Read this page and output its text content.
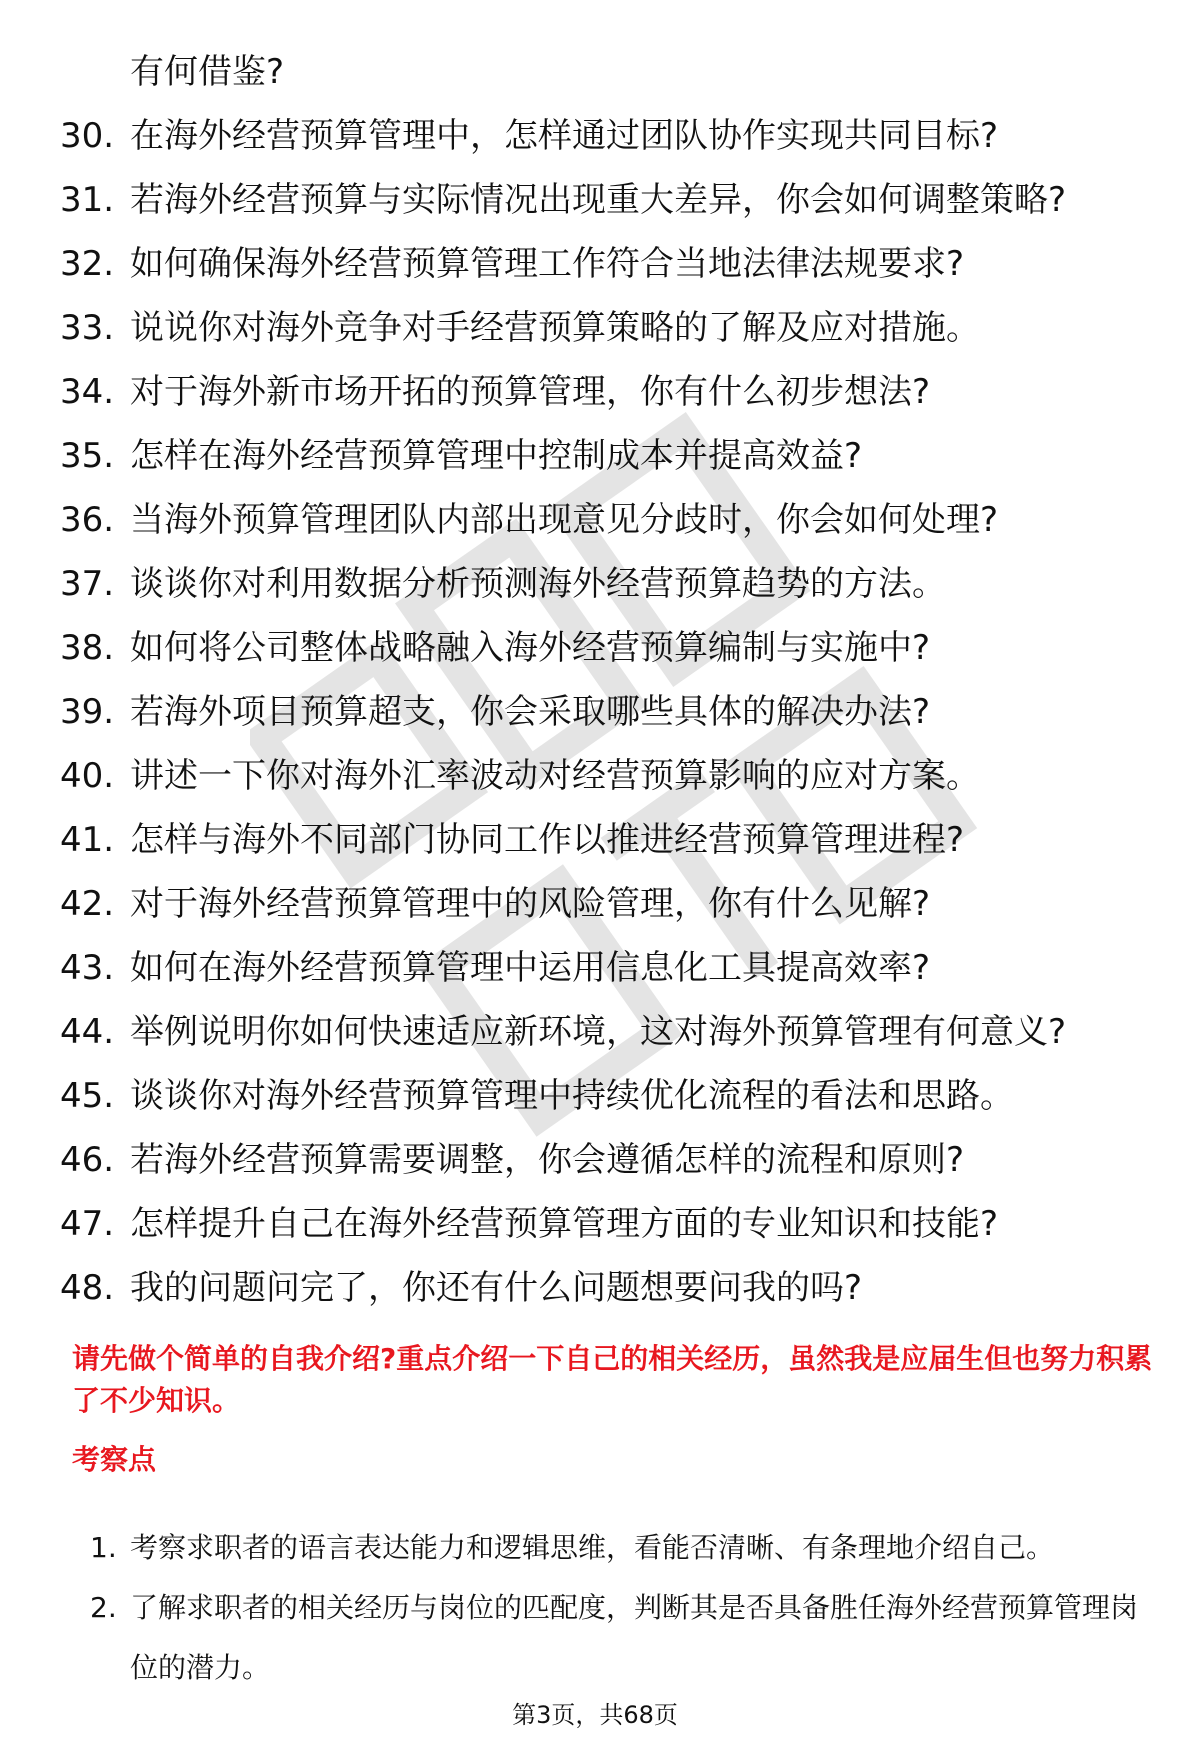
有何借鉴?
30. 在海外经营预算管理中，怎样通过团队协作实现共同目标?
31. 若海外经营预算与实际情况出现重大差异，你会如何调整策略?
32. 如何确保海外经营预算管理工作符合当地法律法规要求?
33. 说说你对海外竞争对手经营预算策略的了解及应对措施。
34. 对于海外新市场开拓的预算管理，你有什么初步想法?
35. 怎样在海外经营预算管理中控制成本并提高效益?
36. 当海外预算管理团队内部出现意见分歧时，你会如何处理?
37. 谈谈你对利用数据分析预测海外经营预算趋势的方法。
38. 如何将公司整体战略融入海外经营预算编制与实施中?
39. 若海外项目预算超支，你会采取哪些具体的解决办法?
40. 讲述一下你对海外汇率波动对经营预算影响的应对方案。
41. 怎样与海外不同部门协同工作以推进经营预算管理进程?
42. 对于海外经营预算管理中的风险管理，你有什么见解?
43. 如何在海外经营预算管理中运用信息化工具提高效率?
44. 举例说明你如何快速适应新环境，这对海外预算管理有何意义?
45. 谈谈你对海外经营预算管理中持续优化流程的看法和思路。
46. 若海外经营预算需要调整，你会遵循怎样的流程和原则?
47. 怎样提升自己在海外经营预算管理方面的专业知识和技能?
48. 我的问题问完了，你还有什么问题想要问我的吗?

请先做个简单的自我介绍?重点介绍一下自己的相关经历，虽然我是应届生但也努力积累了不少知识。

考察点
1. 考察求职者的语言表达能力和逻辑思维，看能否清晰、有条理地介绍自己。
2. 了解求职者的相关经历与岗位的匹配度，判断其是否具备胜任海外经营预算管理岗位的潜力。
第3页，共68页
